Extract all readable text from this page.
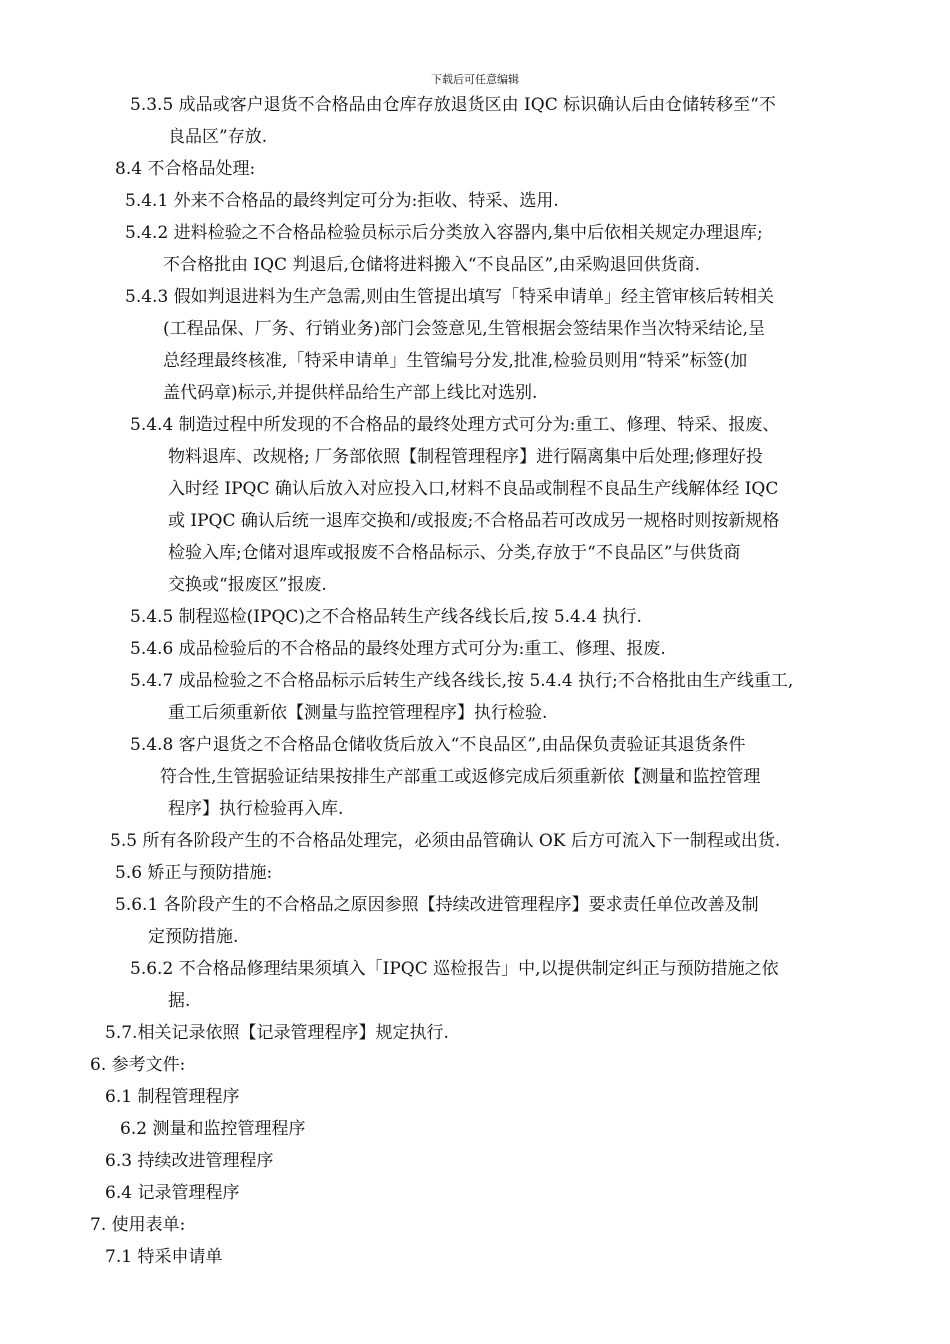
下载后可任意编辑
5.3.5 成品或客户退货不合格品由仓库存放退货区由 IQC 标识确认后由仓储转移至“不
良品区”存放.
8.4 不合格品处理:
5.4.1 外来不合格品的最终判定可分为:拒收、特采、选用.
5.4.2 进料检验之不合格品检验员标示后分类放入容器内,集中后依相关规定办理退库;
不合格批由 IQC 判退后,仓储将进料搬入“不良品区”,由采购退回供货商.
5.4.3 假如判退进料为生产急需,则由生管提出填写「特采申请单」经主管审核后转相关
(工程品保、厂务、行销业务)部门会签意见,生管根据会签结果作当次特采结论,呈
总经理最终核准,「特采申请单」生管编号分发,批准,检验员则用“特采”标签(加
盖代码章)标示,并提供样品给生产部上线比对选别.
5.4.4 制造过程中所发现的不合格品的最终处理方式可分为:重工、修理、特采、报废、
物料退库、改规格; 厂务部依照【制程管理程序】进行隔离集中后处理;修理好投
入时经 IPQC 确认后放入对应投入口,材料不良品或制程不良品生产线解体经 IQC
或 IPQC 确认后统一退库交换和/或报废;不合格品若可改成另一规格时则按新规格
检验入库;仓储对退库或报废不合格品标示、分类,存放于“不良品区”与供货商
交换或“报废区”报废.
5.4.5 制程巡检(IPQC)之不合格品转生产线各线长后,按 5.4.4 执行.
5.4.6 成品检验后的不合格品的最终处理方式可分为:重工、修理、报废.
5.4.7 成品检验之不合格品标示后转生产线各线长,按 5.4.4 执行;不合格批由生产线重工,
重工后须重新依【测量与监控管理程序】执行检验.
5.4.8 客户退货之不合格品仓储收货后放入“不良品区”,由品保负责验证其退货条件
符合性,生管据验证结果按排生产部重工或返修完成后须重新依【测量和监控管理
程序】执行检验再入库.
5.5 所有各阶段产生的不合格品处理完，必须由品管确认 OK 后方可流入下一制程或出货.
5.6 矫正与预防措施:
5.6.1 各阶段产生的不合格品之原因参照【持续改进管理程序】要求责任单位改善及制
定预防措施.
5.6.2 不合格品修理结果须填入「IPQC 巡检报告」中,以提供制定纠正与预防措施之依
据.
5.7.相关记录依照【记录管理程序】规定执行.
6. 参考文件:
6.1 制程管理程序
6.2 测量和监控管理程序
6.3 持续改进管理程序
6.4 记录管理程序
7. 使用表单:
7.1 特采申请单
